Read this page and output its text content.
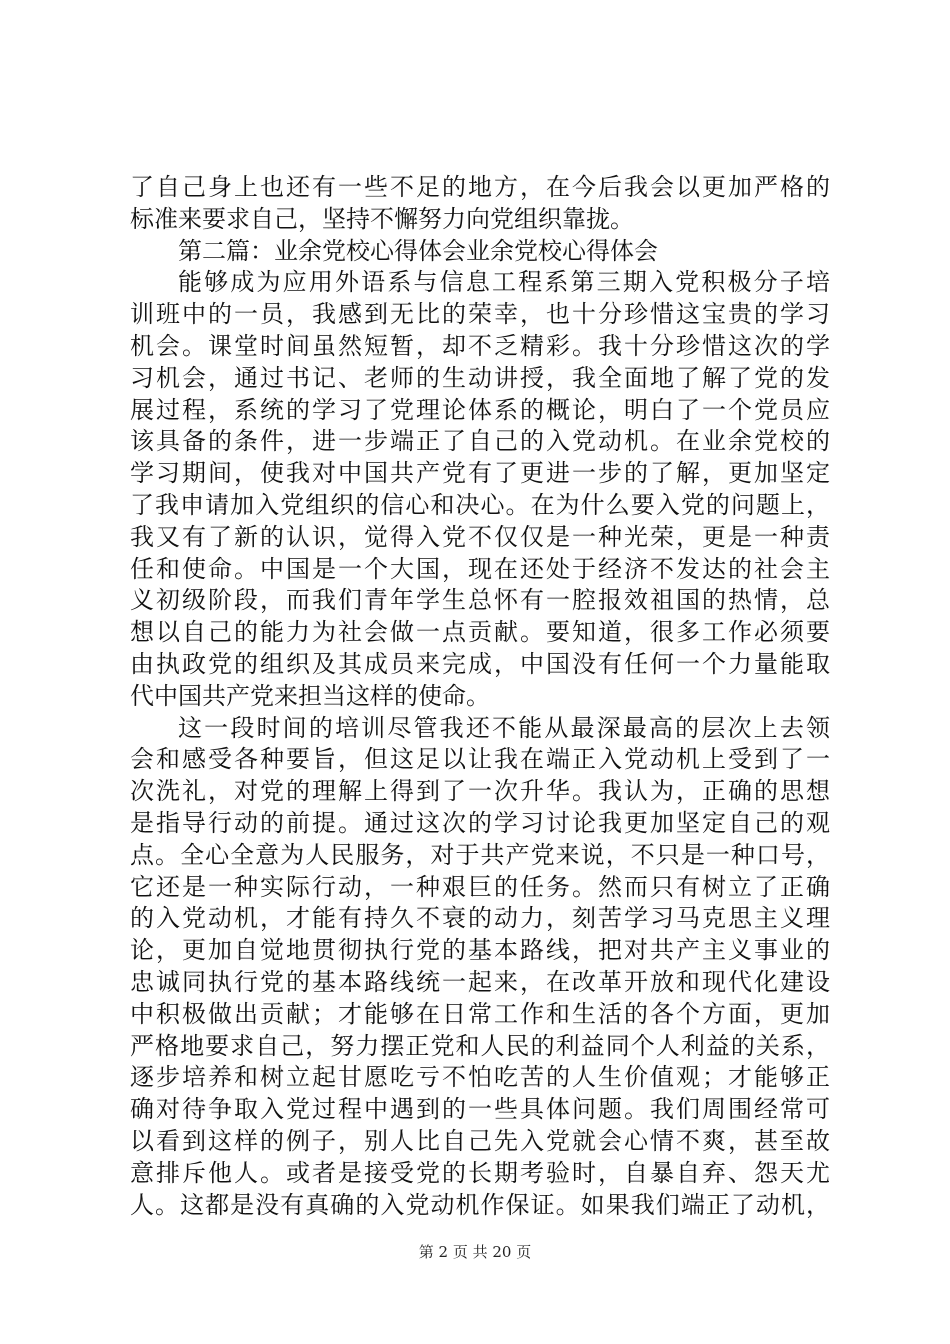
了自己身上也还有一些不足的地方，在今后我会以更加严格的
标准来要求自己，坚持不懈努力向党组织靠拢。
第二篇：业余党校心得体会业余党校心得体会
能够成为应用外语系与信息工程系第三期入党积极分子培
训班中的一员，我感到无比的荣幸，也十分珍惜这宝贵的学习
机会。课堂时间虽然短暂，却不乏精彩。我十分珍惜这次的学
习机会，通过书记、老师的生动讲授，我全面地了解了党的发
展过程，系统的学习了党理论体系的概论，明白了一个党员应
该具备的条件，进一步端正了自己的入党动机。在业余党校的
学习期间，使我对中国共产党有了更进一步的了解，更加坚定
了我申请加入党组织的信心和决心。在为什么要入党的问题上，
我又有了新的认识，觉得入党不仅仅是一种光荣，更是一种责
任和使命。中国是一个大国，现在还处于经济不发达的社会主
义初级阶段，而我们青年学生总怀有一腔报效祖国的热情，总
想以自己的能力为社会做一点贡献。要知道，很多工作必须要
由执政党的组织及其成员来完成，中国没有任何一个力量能取
代中国共产党来担当这样的使命。
这一段时间的培训尽管我还不能从最深最高的层次上去领
会和感受各种要旨，但这足以让我在端正入党动机上受到了一
次洗礼，对党的理解上得到了一次升华。我认为，正确的思想
是指导行动的前提。通过这次的学习讨论我更加坚定自己的观
点。全心全意为人民服务，对于共产党来说，不只是一种口号，
它还是一种实际行动，一种艰巨的任务。然而只有树立了正确
的入党动机，才能有持久不衰的动力，刻苦学习马克思主义理
论，更加自觉地贯彻执行党的基本路线，把对共产主义事业的
忠诚同执行党的基本路线统一起来，在改革开放和现代化建设
中积极做出贡献；才能够在日常工作和生活的各个方面，更加
严格地要求自己，努力摆正党和人民的利益同个人利益的关系，
逐步培养和树立起甘愿吃亏不怕吃苦的人生价值观；才能够正
确对待争取入党过程中遇到的一些具体问题。我们周围经常可
以看到这样的例子，别人比自己先入党就会心情不爽，甚至故
意排斥他人。或者是接受党的长期考验时，自暴自弃、怨天尤
人。这都是没有真确的入党动机作保证。如果我们端正了动机，
第 2 页 共 20 页
